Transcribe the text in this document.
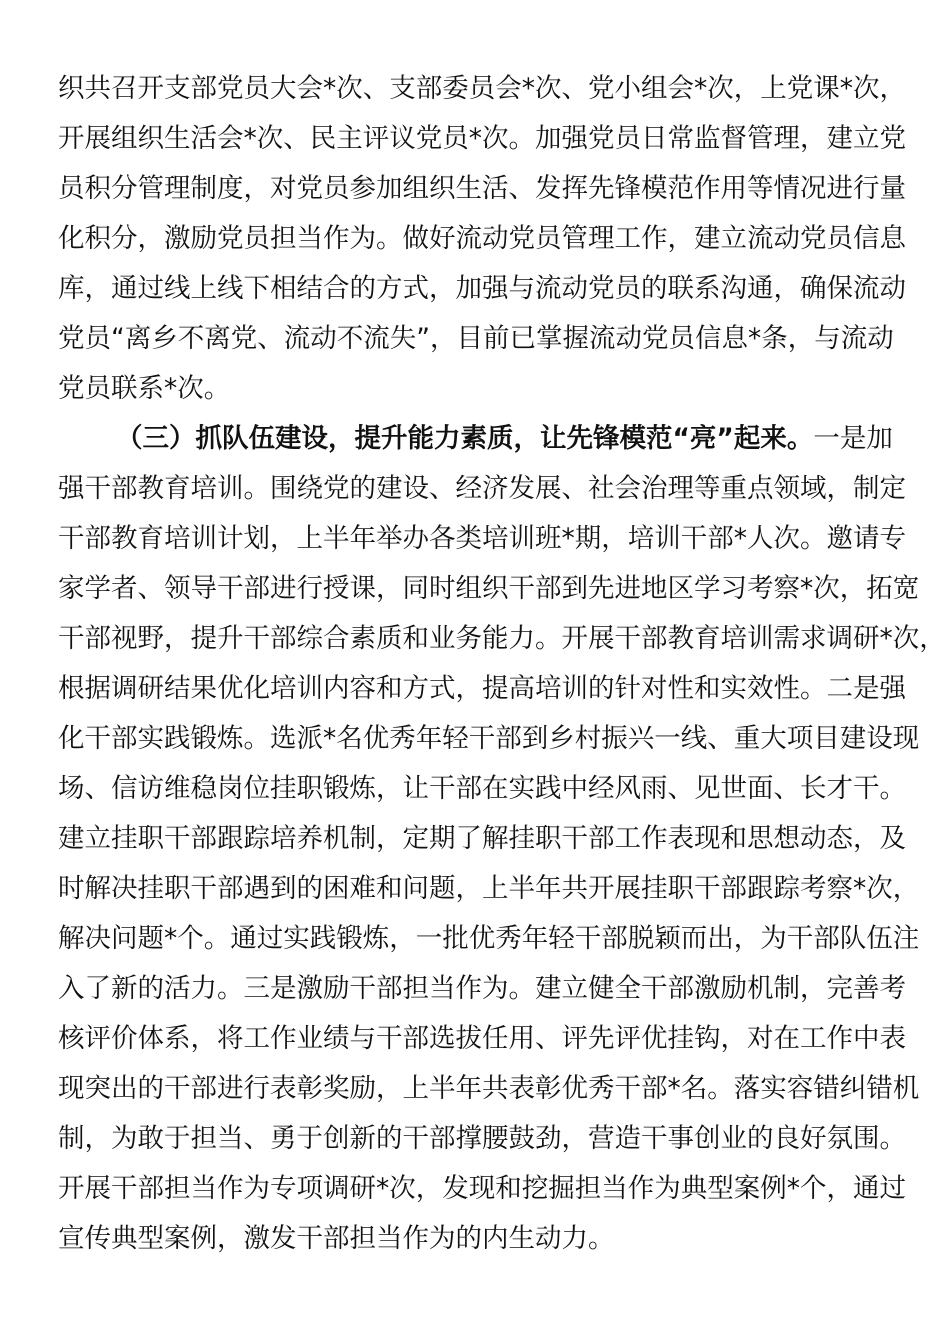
织共召开支部党员大会*次、支部委员会*次、党小组会*次，上党课*次，
开展组织生活会*次、民主评议党员*次。加强党员日常监督管理，建立党
员积分管理制度，对党员参加组织生活、发挥先锋模范作用等情况进行量
化积分，激励党员担当作为。做好流动党员管理工作，建立流动党员信息
库，通过线上线下相结合的方式，加强与流动党员的联系沟通，确保流动
党员“离乡不离党、流动不流失”，目前已掌握流动党员信息*条，与流动
党员联系*次。
（三）抓队伍建设，提升能力素质，让先锋模范“亮”起来。一是加
强干部教育培训。围绕党的建设、经济发展、社会治理等重点领域，制定
干部教育培训计划，上半年举办各类培训班*期，培训干部*人次。邀请专
家学者、领导干部进行授课，同时组织干部到先进地区学习考察*次，拓宽
干部视野，提升干部综合素质和业务能力。开展干部教育培训需求调研*次，
根据调研结果优化培训内容和方式，提高培训的针对性和实效性。二是强
化干部实践锻炼。选派*名优秀年轻干部到乡村振兴一线、重大项目建设现
场、信访维稳岗位挂职锻炼，让干部在实践中经风雨、见世面、长才干。
建立挂职干部跟踪培养机制，定期了解挂职干部工作表现和思想动态，及
时解决挂职干部遇到的困难和问题，上半年共开展挂职干部跟踪考察*次，
解决问题*个。通过实践锻炼，一批优秀年轻干部脱颖而出，为干部队伍注
入了新的活力。三是激励干部担当作为。建立健全干部激励机制，完善考
核评价体系，将工作业绩与干部选拔任用、评先评优挂钩，对在工作中表
现突出的干部进行表彰奖励，上半年共表彰优秀干部*名。落实容错纠错机
制，为敢于担当、勇于创新的干部撑腰鼓劲，营造干事创业的良好氛围。
开展干部担当作为专项调研*次，发现和挖掘担当作为典型案例*个，通过
宣传典型案例，激发干部担当作为的内生动力。
